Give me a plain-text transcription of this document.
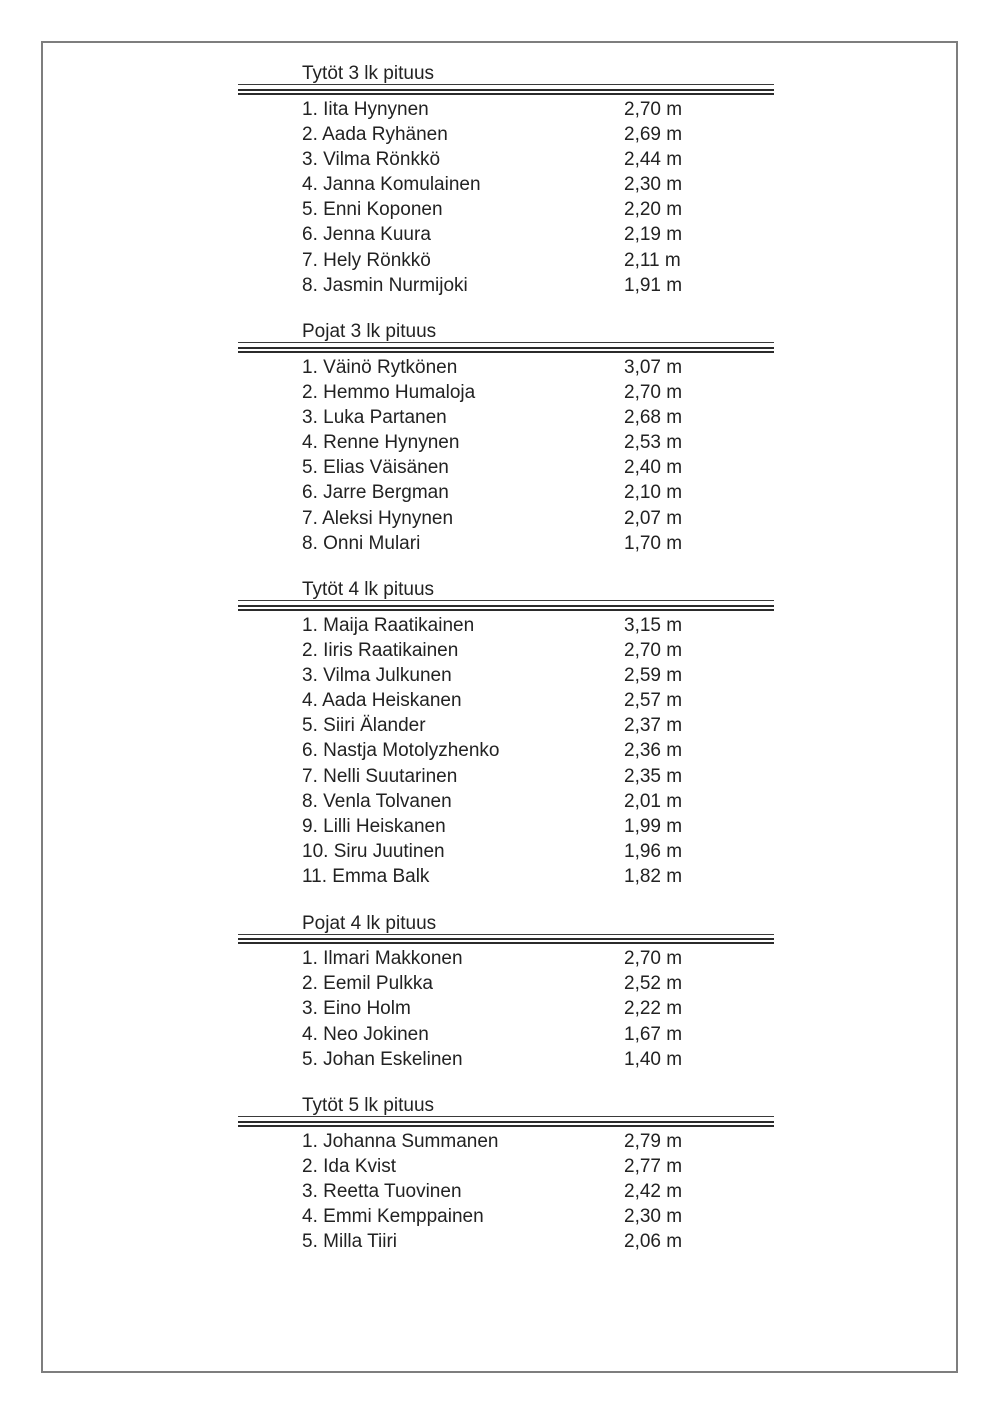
Tytöt 3 lk pituus
1. Iita Hynynen	2,70 m
2. Aada Ryhänen	2,69 m
3. Vilma Rönkkö	2,44 m
4. Janna Komulainen	2,30 m
5. Enni Koponen	2,20 m
6. Jenna Kuura	2,19 m
7. Hely Rönkkö	2,11 m
8. Jasmin Nurmijoki	1,91 m
Pojat 3 lk pituus
1. Väinö Rytkönen	3,07 m
2. Hemmo Humaloja	2,70 m
3. Luka Partanen	2,68 m
4. Renne Hynynen	2,53 m
5. Elias Väisänen	2,40 m
6. Jarre Bergman	2,10 m
7. Aleksi Hynynen	2,07 m
8. Onni Mulari	1,70 m
Tytöt 4 lk pituus
1. Maija Raatikainen	3,15 m
2. Iiris Raatikainen	2,70 m
3. Vilma Julkunen	2,59 m
4. Aada Heiskanen	2,57 m
5. Siiri Älander	2,37 m
6. Nastja Motolyzhenko	2,36 m
7. Nelli Suutarinen	2,35 m
8. Venla Tolvanen	2,01 m
9. Lilli Heiskanen	1,99 m
10. Siru Juutinen	1,96 m
11. Emma Balk	1,82 m
Pojat 4 lk pituus
1. Ilmari Makkonen	2,70 m
2. Eemil Pulkka	2,52 m
3. Eino Holm	2,22 m
4. Neo Jokinen	1,67 m
5. Johan Eskelinen	1,40 m
Tytöt 5 lk pituus
1. Johanna Summanen	2,79 m
2. Ida Kvist	2,77 m
3. Reetta Tuovinen	2,42 m
4. Emmi Kemppainen	2,30 m
5. Milla Tiiri	2,06 m
